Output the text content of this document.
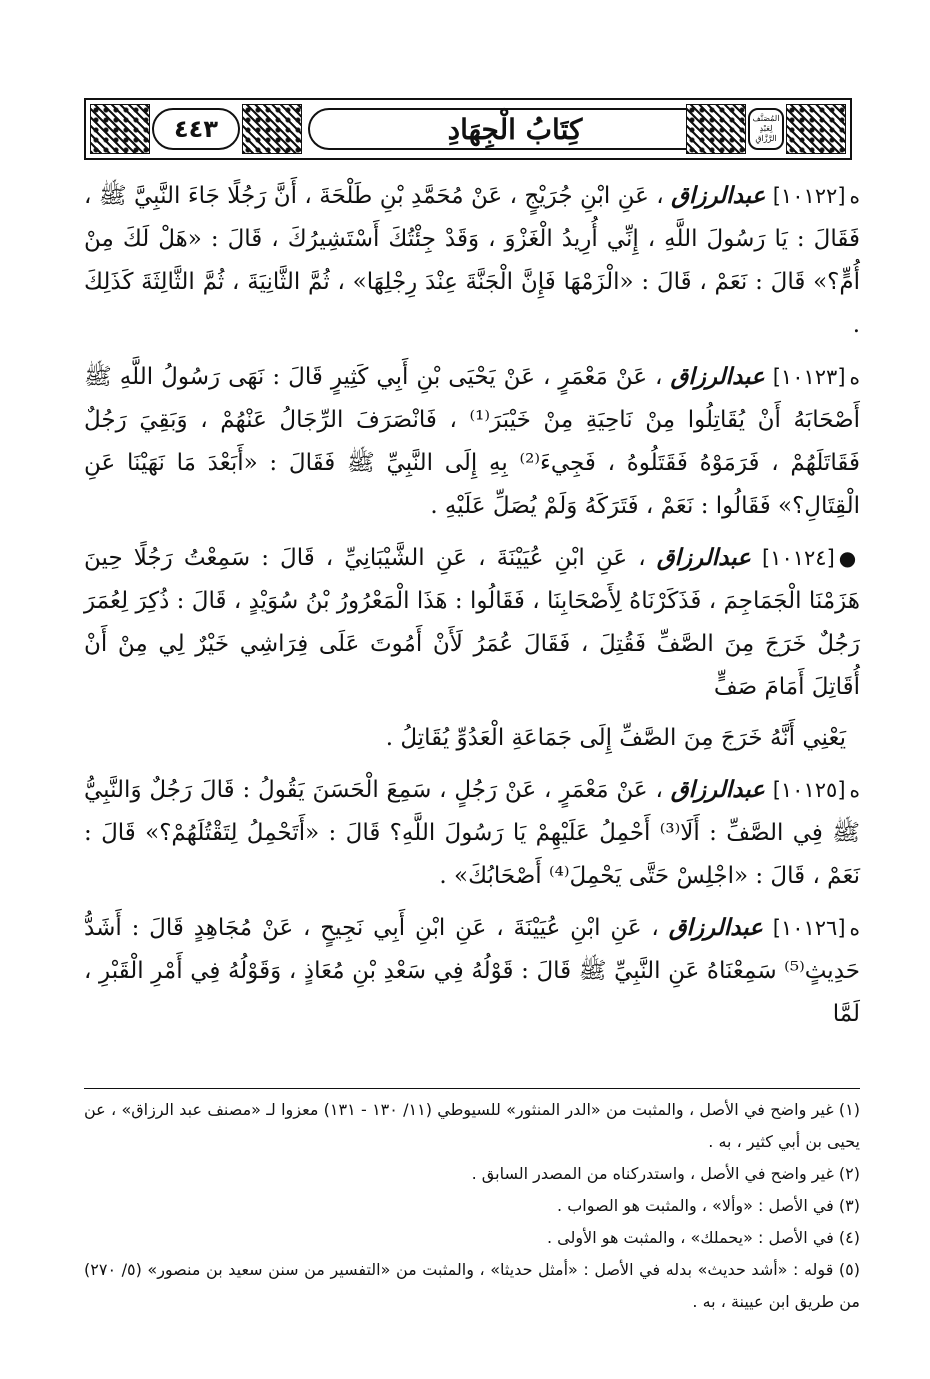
٤٤٣	كِتَابُ الْجِهَادِ	المُصَنَّف لِعَبْدِ الرَّزَّاقِ

ه[١٠١٢٢] عبدالرزاق ، عَنِ ابْنِ جُرَيْجٍ ، عَنْ مُحَمَّدِ بْنِ طَلْحَةَ ، أَنَّ رَجُلًا جَاءَ النَّبِيَّ ﷺ ، فَقَالَ : يَا رَسُولَ اللَّهِ ، إِنِّي أُرِيدُ الْغَزْوَ ، وَقَدْ جِئْتُكَ أَسْتَشِيرُكَ ، قَالَ : «هَلْ لَكَ مِنْ أُمٍّ؟» قَالَ : نَعَمْ ، قَالَ : «الْزَمْهَا فَإِنَّ الْجَنَّةَ عِنْدَ رِجْلِهَا» ، ثُمَّ الثَّانِيَةَ ، ثُمَّ الثَّالِثَةَ كَذَلِكَ .

ه[١٠١٢٣] عبدالرزاق ، عَنْ مَعْمَرٍ ، عَنْ يَحْيَى بْنِ أَبِي كَثِيرٍ قَالَ : نَهَى رَسُولُ اللَّهِ ﷺ أَصْحَابَهُ أَنْ يُقَاتِلُوا مِنْ نَاحِيَةِ مِنْ خَيْبَرَ⁽¹⁾ ، فَانْصَرَفَ الرِّجَالُ عَنْهُمْ ، وَبَقِيَ رَجُلٌ فَقَاتَلَهُمْ ، فَرَمَوْهُ فَقَتَلُوهُ ، فَجِيءَ⁽²⁾ بِهِ إِلَى النَّبِيِّ ﷺ فَقَالَ : «أَبَعْدَ مَا نَهَيْنَا عَنِ الْقِتَالِ؟» فَقَالُوا : نَعَمْ ، فَتَرَكَهُ وَلَمْ يُصَلِّ عَلَيْهِ .

●[١٠١٢٤] عبدالرزاق ، عَنِ ابْنِ عُيَيْنَةَ ، عَنِ الشَّيْبَانِيِّ ، قَالَ : سَمِعْتُ رَجُلًا حِينَ هَزَمْنَا الْجَمَاجِمَ ، فَذَكَرْنَاهُ لِأَصْحَابِنَا ، فَقَالُوا : هَذَا الْمَعْرُورُ بْنُ سُوَيْدٍ ، قَالَ : ذُكِرَ لِعُمَرَ رَجُلٌ خَرَجَ مِنَ الصَّفِّ فَقُتِلَ ، فَقَالَ عُمَرُ لَأَنْ أَمُوتَ عَلَى فِرَاشِي خَيْرٌ لِي مِنْ أَنْ أُقَاتِلَ أَمَامَ صَفٍّ

يَعْنِي أَنَّهُ خَرَجَ مِنَ الصَّفِّ إِلَى جَمَاعَةِ الْعَدُوِّ يُقَاتِلُ .

ه[١٠١٢٥] عبدالرزاق ، عَنْ مَعْمَرٍ ، عَنْ رَجُلٍ ، سَمِعَ الْحَسَنَ يَقُولُ : قَالَ رَجُلٌ وَالنَّبِيُّ ﷺ فِي الصَّفِّ : أَلَا⁽³⁾ أَحْمِلُ عَلَيْهِمْ يَا رَسُولَ اللَّهِ؟ قَالَ : «أَتَحْمِلُ لِتَقْتُلَهُمْ؟» قَالَ : نَعَمْ ، قَالَ : «اجْلِسْ حَتَّى يَحْمِلَ⁽⁴⁾ أَصْحَابُكَ» .

ه[١٠١٢٦] عبدالرزاق ، عَنِ ابْنِ عُيَيْنَةَ ، عَنِ ابْنِ أَبِي نَجِيحٍ ، عَنْ مُجَاهِدٍ قَالَ : أَشَدُّ حَدِيثٍ⁽⁵⁾ سَمِعْنَاهُ عَنِ النَّبِيِّ ﷺ قَالَ : قَوْلُهُ فِي سَعْدِ بْنِ مُعَاذٍ ، وَقَوْلُهُ فِي أَمْرِ الْقَبْرِ ، لَمَّا

(١) غير واضح في الأصل ، والمثبت من «الدر المنثور» للسيوطي (١١/ ١٣٠ - ١٣١) معزوا لـ «مصنف عبد الرزاق» ، عن يحيى بن أبي كثير ، به .

(٢) غير واضح في الأصل ، واستدركناه من المصدر السابق .

(٣) في الأصل : «وألا» ، والمثبت هو الصواب .

(٤) في الأصل : «يحملك» ، والمثبت هو الأولى .

(٥) قوله : «أشد حديث» بدله في الأصل : «أمثل حديثا» ، والمثبت من «التفسير من سنن سعيد بن منصور» (٥/ ٢٧٠) من طريق ابن عيينة ، به .
